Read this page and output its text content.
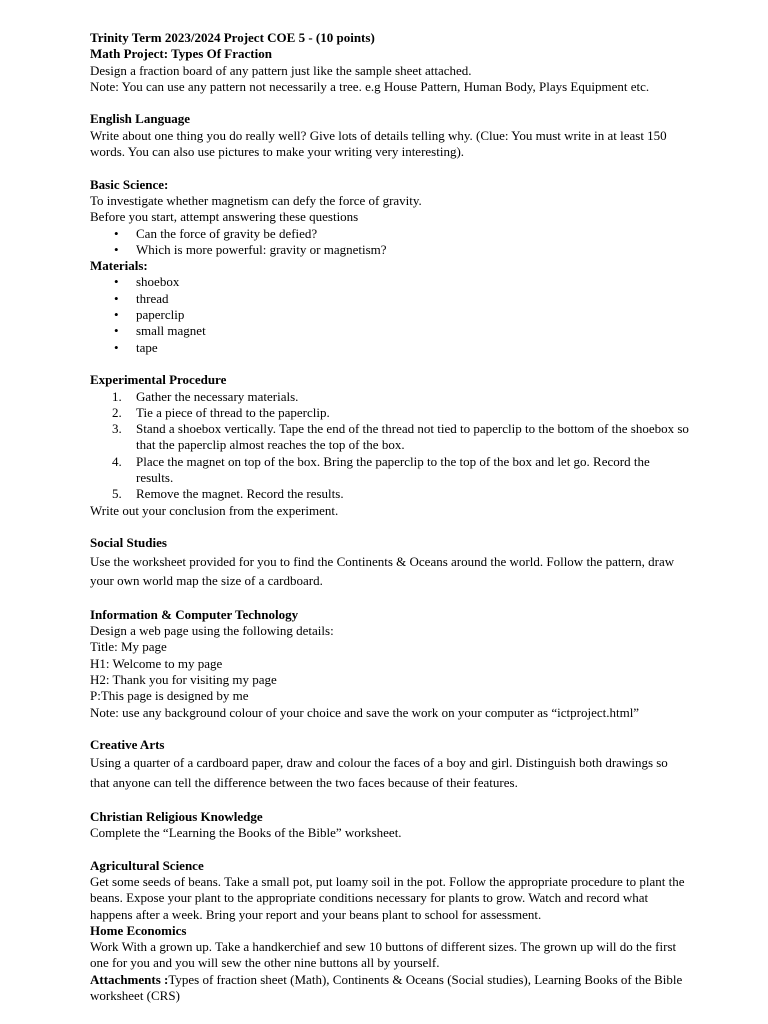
Trinity Term 2023/2024 Project COE 5 - (10 points)

Math Project: Types Of Fraction

Design a fraction board of any pattern just like the sample sheet attached.

Note: You can use any pattern not necessarily a tree. e.g House Pattern, Human Body, Plays Equipment etc.

English Language

Write about one thing you do really well? Give lots of details telling why. (Clue: You must write in at least 150 words. You can also use pictures to make your writing very interesting).

Basic Science:

To investigate whether magnetism can defy the force of gravity.

Before you start, attempt answering these questions

• Can the force of gravity be defied?
• Which is more powerful: gravity or magnetism?

Materials:

• shoebox
• thread
• paperclip
• small magnet
• tape

Experimental Procedure

1. Gather the necessary materials.
2. Tie a piece of thread to the paperclip.
3. Stand a shoebox vertically. Tape the end of the thread not tied to paperclip to the bottom of the shoebox so that the paperclip almost reaches the top of the box.
4. Place the magnet on top of the box. Bring the paperclip to the top of the box and let go. Record the results.
5. Remove the magnet. Record the results.

Write out your conclusion from the experiment.

Social Studies

Use the worksheet provided for you to find the Continents & Oceans around the world. Follow the pattern, draw your own world map the size of a cardboard.

Information & Computer Technology

Design a web page using the following details:

Title: My page

H1: Welcome to my page

H2: Thank you for visiting my page

P:This page is designed by me

Note: use any background colour of your choice and save the work on your computer as “ictproject.html”

Creative Arts

Using a quarter of a cardboard paper, draw and colour the faces of a boy and girl. Distinguish both drawings so that anyone can tell the difference between the two faces because of their features.

Christian Religious Knowledge

Complete the “Learning the Books of the Bible” worksheet.

Agricultural Science

Get some seeds of beans. Take a small pot, put loamy soil in the pot. Follow the appropriate procedure to plant the beans. Expose your plant to the appropriate conditions necessary for plants to grow. Watch and record what happens after a week. Bring your report and your beans plant to school for assessment.

Home Economics

Work With a grown up. Take a handkerchief and sew 10 buttons of different sizes. The grown up will do the first one for you and you will sew the other nine buttons all by yourself.

Attachments :Types of fraction sheet (Math), Continents & Oceans (Social studies), Learning Books of the Bible worksheet (CRS)
